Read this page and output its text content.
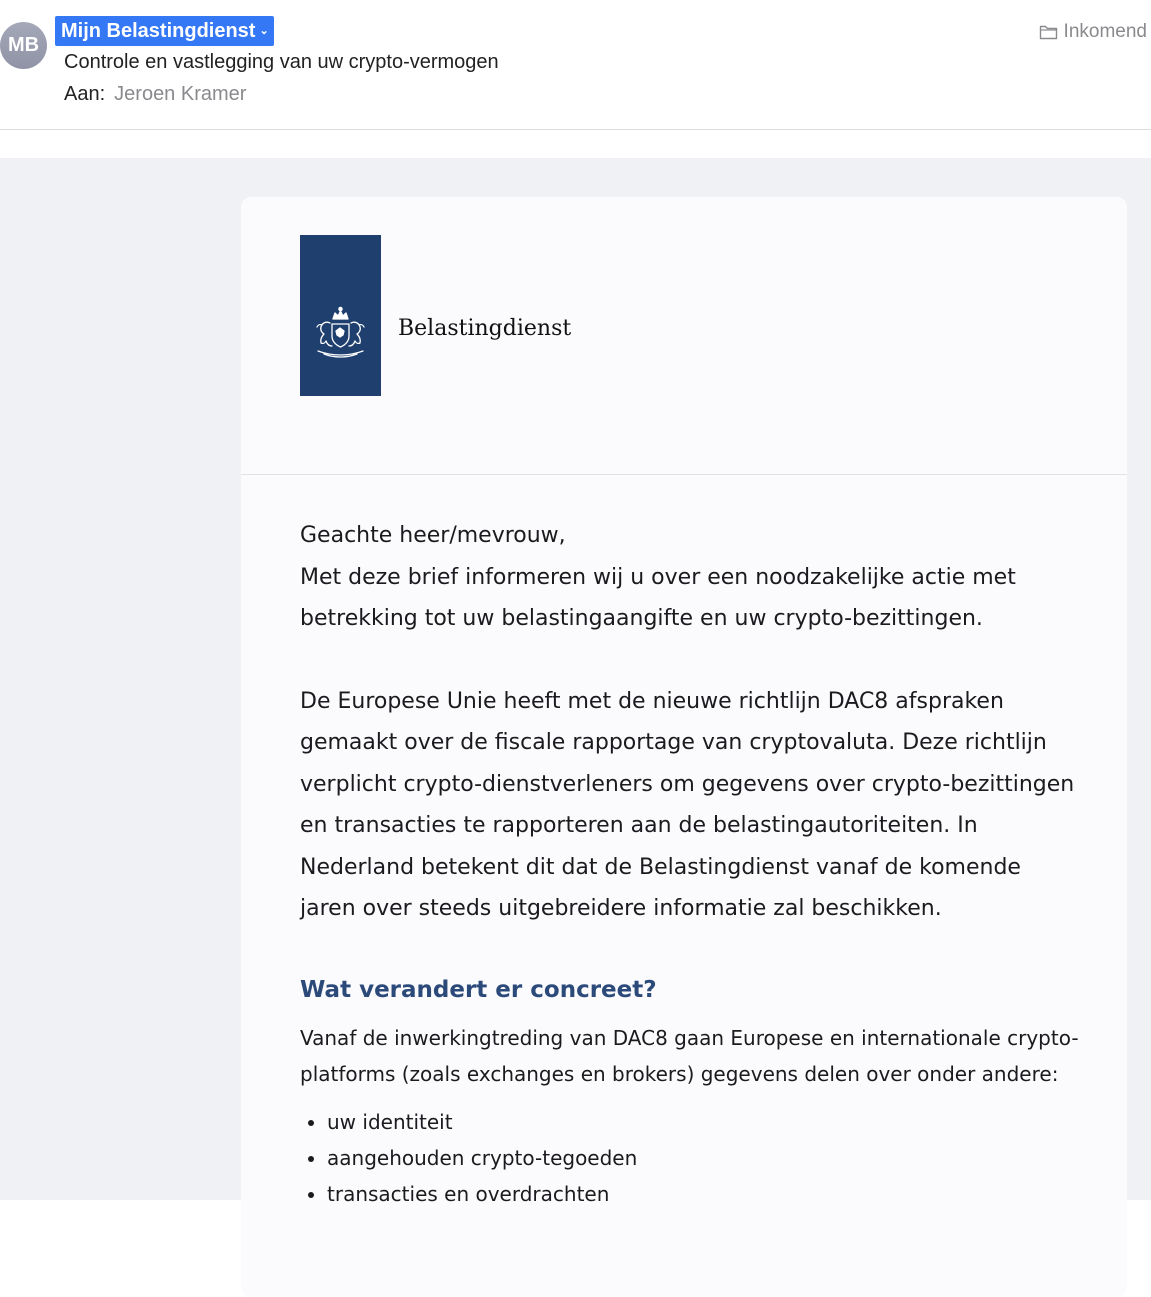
MB
Mijn Belastingdienst ⌄
Controle en vastlegging van uw crypto-vermogen
Aan: Jeroen Kramer
Inkomend
Belastingdienst

Geachte heer/mevrouw,

Met deze brief informeren wij u over een noodzakelijke actie met betrekking tot uw belastingaangifte en uw crypto-bezittingen.

De Europese Unie heeft met de nieuwe richtlijn DAC8 afspraken gemaakt over de fiscale rapportage van cryptovaluta. Deze richtlijn verplicht crypto-dienstverleners om gegevens over crypto-bezittingen en transacties te rapporteren aan de belastingautoriteiten. In Nederland betekent dit dat de Belastingdienst vanaf de komende jaren over steeds uitgebreidere informatie zal beschikken.

Wat verandert er concreet?

Vanaf de inwerkingtreding van DAC8 gaan Europese en internationale crypto-platforms (zoals exchanges en brokers) gegevens delen over onder andere:

• uw identiteit
• aangehouden crypto-tegoeden
• transacties en overdrachten
